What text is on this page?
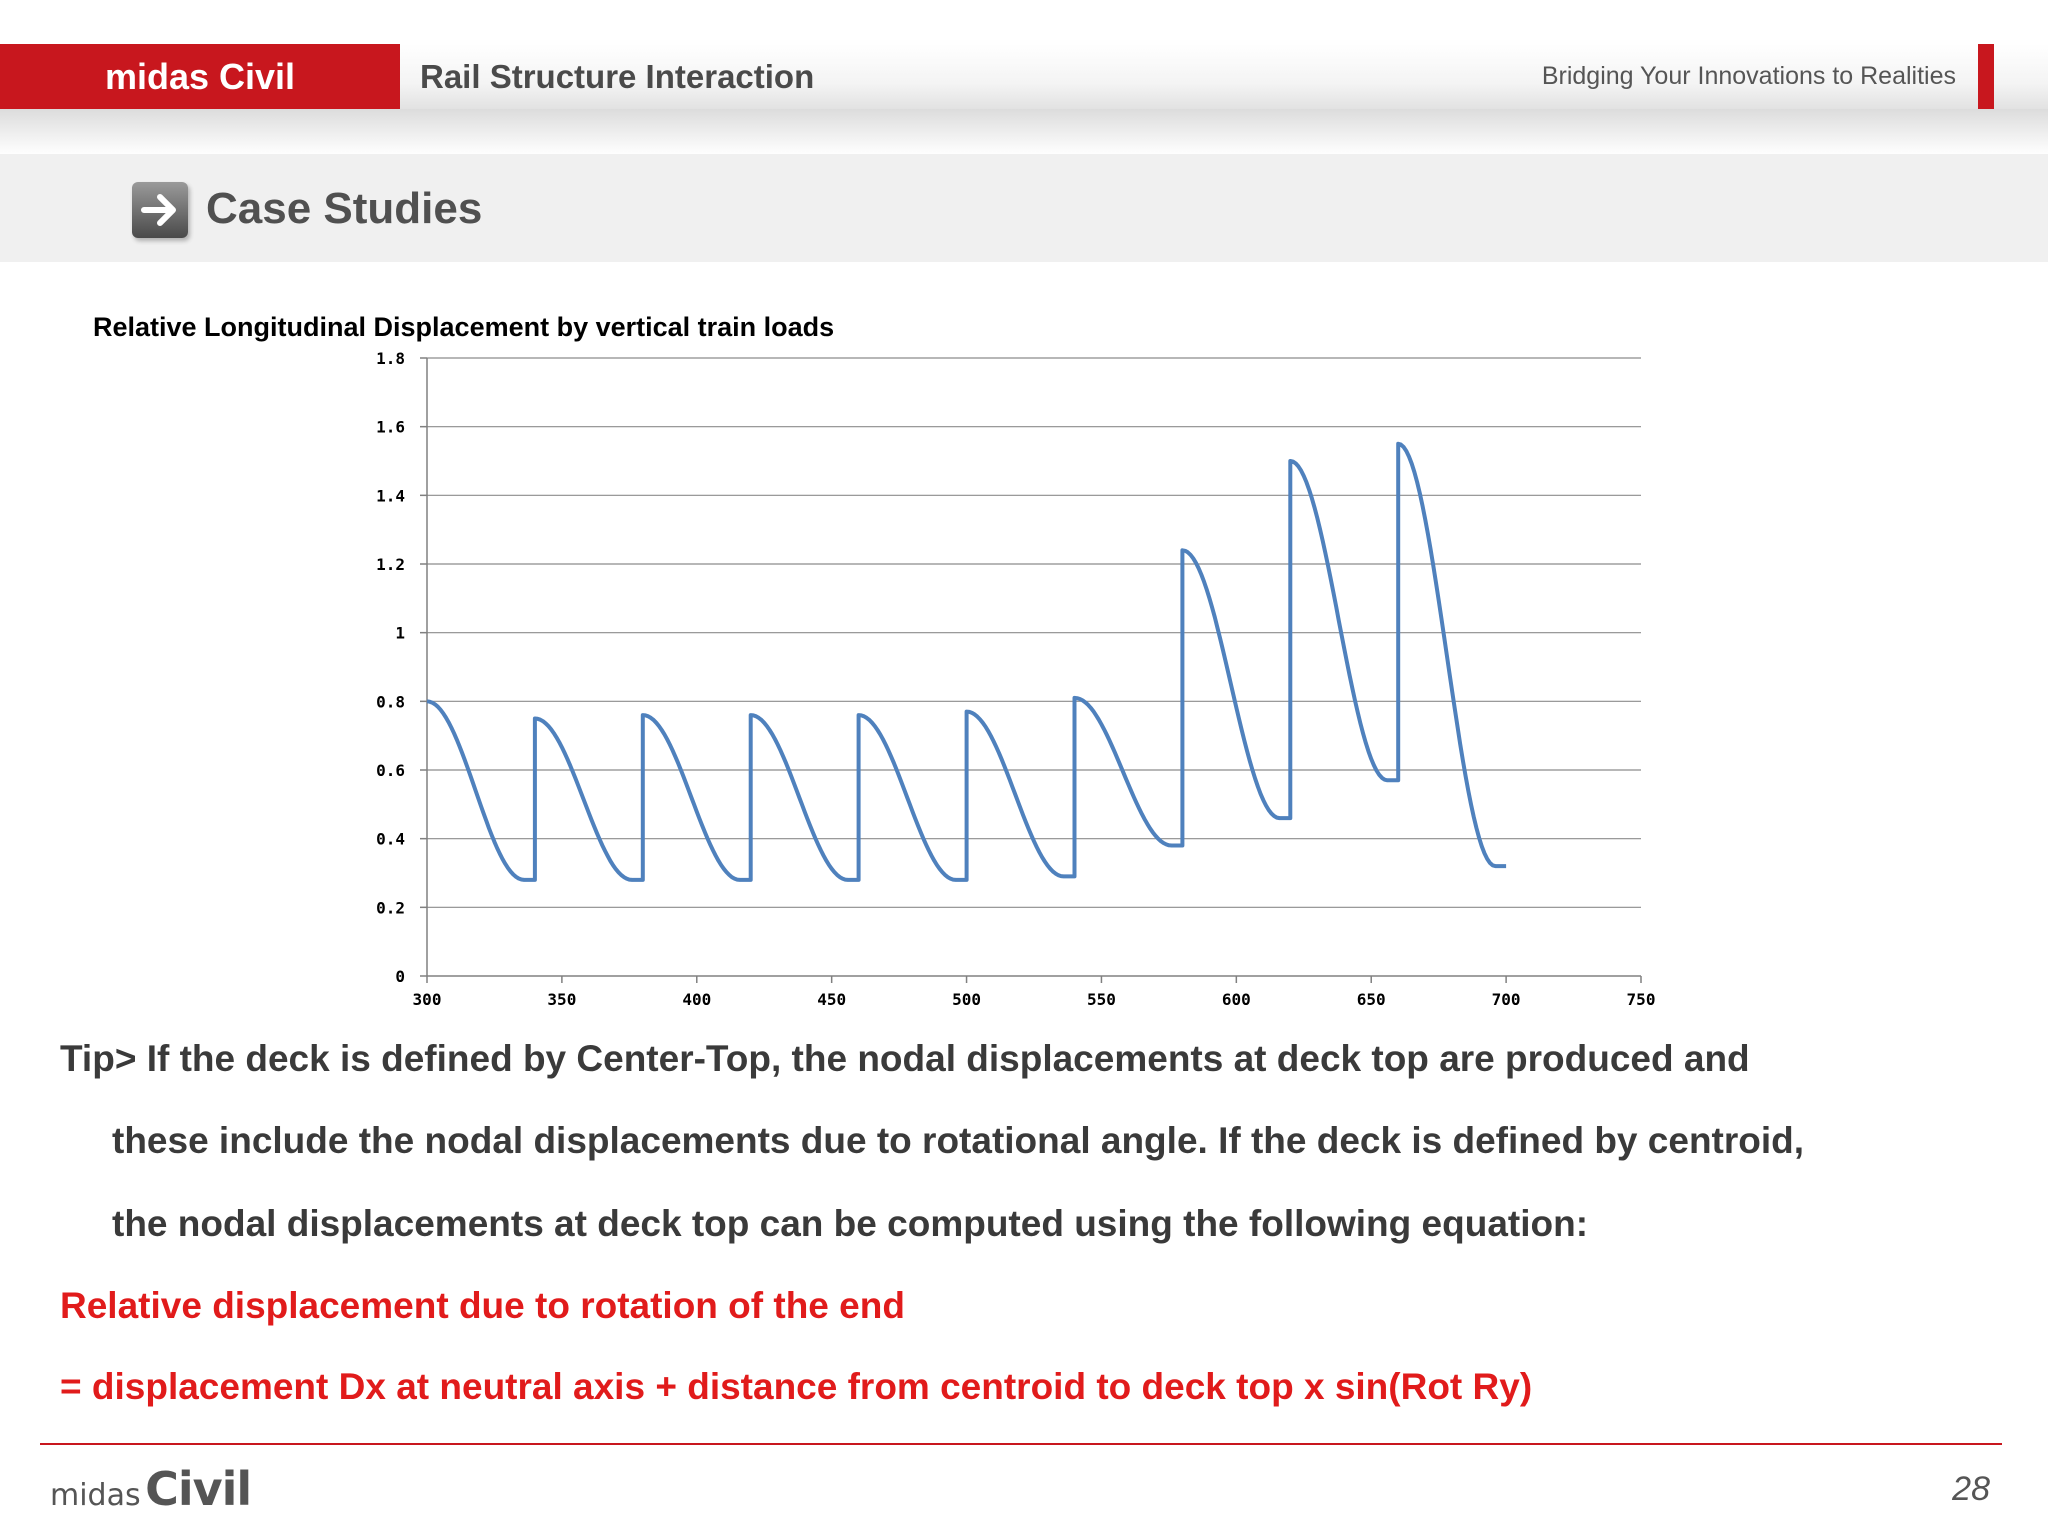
midas Civil	Rail Structure Interaction	Bridging Your Innovations to Realities
Case Studies
Relative Longitudinal Displacement by vertical train loads
0
0.2
0.4
0.6
0.8
1
1.2
1.4
1.6
1.8
300	350	400	450	500	550	600	650	700	750
Tip> If the deck is defined by Center-Top, the nodal displacements at deck top are produced and
these include the nodal displacements due to rotational angle. If the deck is defined by centroid,
the nodal displacements at deck top can be computed using the following equation:
Relative displacement due to rotation of the end
= displacement Dx at neutral axis + distance from centroid to deck top x sin(Rot Ry)
midas Civil	28
